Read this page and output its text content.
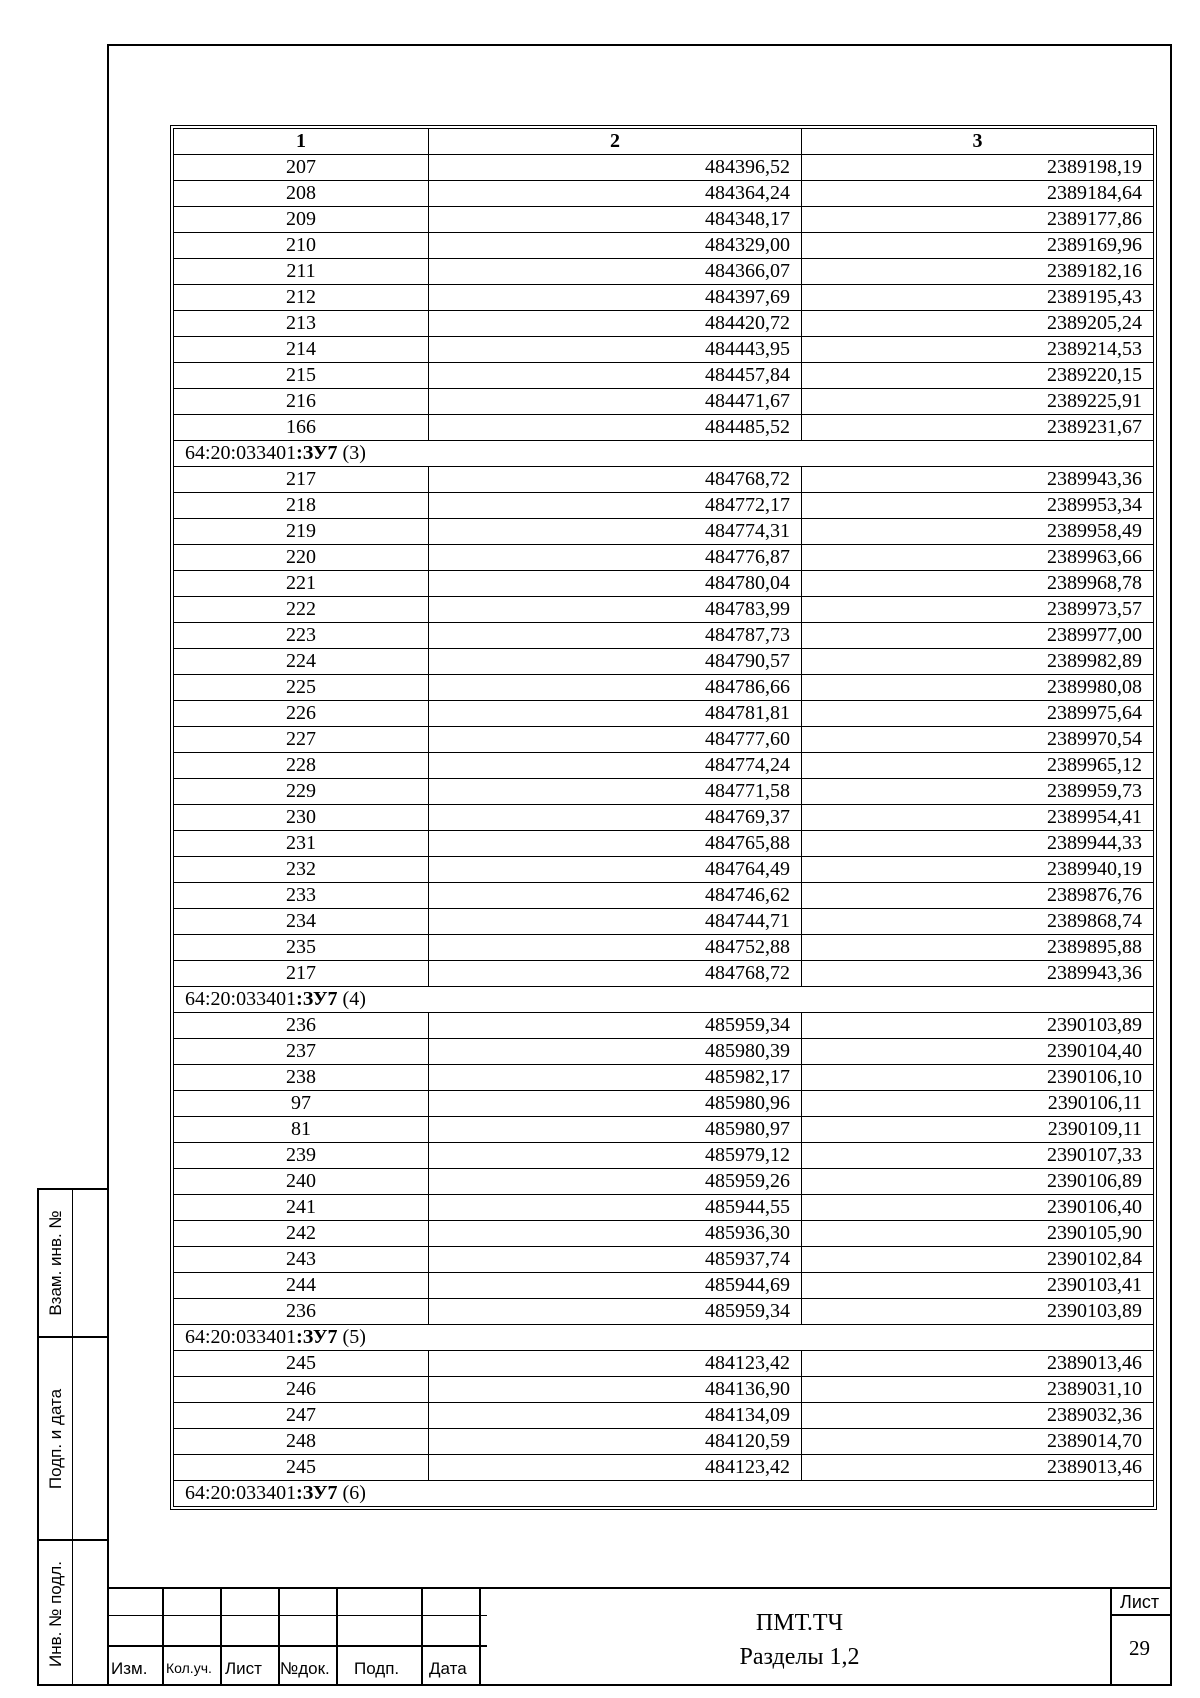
Взам. инв. №
Подп. и дата
Инв. № подл.
1	2	3
207	484396,52	2389198,19
208	484364,24	2389184,64
209	484348,17	2389177,86
210	484329,00	2389169,96
211	484366,07	2389182,16
212	484397,69	2389195,43
213	484420,72	2389205,24
214	484443,95	2389214,53
215	484457,84	2389220,15
216	484471,67	2389225,91
166	484485,52	2389231,67
64:20:033401:ЗУ7 (3)		
217	484768,72	2389943,36
218	484772,17	2389953,34
219	484774,31	2389958,49
220	484776,87	2389963,66
221	484780,04	2389968,78
222	484783,99	2389973,57
223	484787,73	2389977,00
224	484790,57	2389982,89
225	484786,66	2389980,08
226	484781,81	2389975,64
227	484777,60	2389970,54
228	484774,24	2389965,12
229	484771,58	2389959,73
230	484769,37	2389954,41
231	484765,88	2389944,33
232	484764,49	2389940,19
233	484746,62	2389876,76
234	484744,71	2389868,74
235	484752,88	2389895,88
217	484768,72	2389943,36
64:20:033401:ЗУ7 (4)		
236	485959,34	2390103,89
237	485980,39	2390104,40
238	485982,17	2390106,10
97	485980,96	2390106,11
81	485980,97	2390109,11
239	485979,12	2390107,33
240	485959,26	2390106,89
241	485944,55	2390106,40
242	485936,30	2390105,90
243	485937,74	2390102,84
244	485944,69	2390103,41
236	485959,34	2390103,89
64:20:033401:ЗУ7 (5)		
245	484123,42	2389013,46
246	484136,90	2389031,10
247	484134,09	2389032,36
248	484120,59	2389014,70
245	484123,42	2389013,46
64:20:033401:ЗУ7 (6)		
Изм. Кол.уч. Лист №док. Подп. Дата
ПМТ.ТЧ
Разделы 1,2
Лист
29
